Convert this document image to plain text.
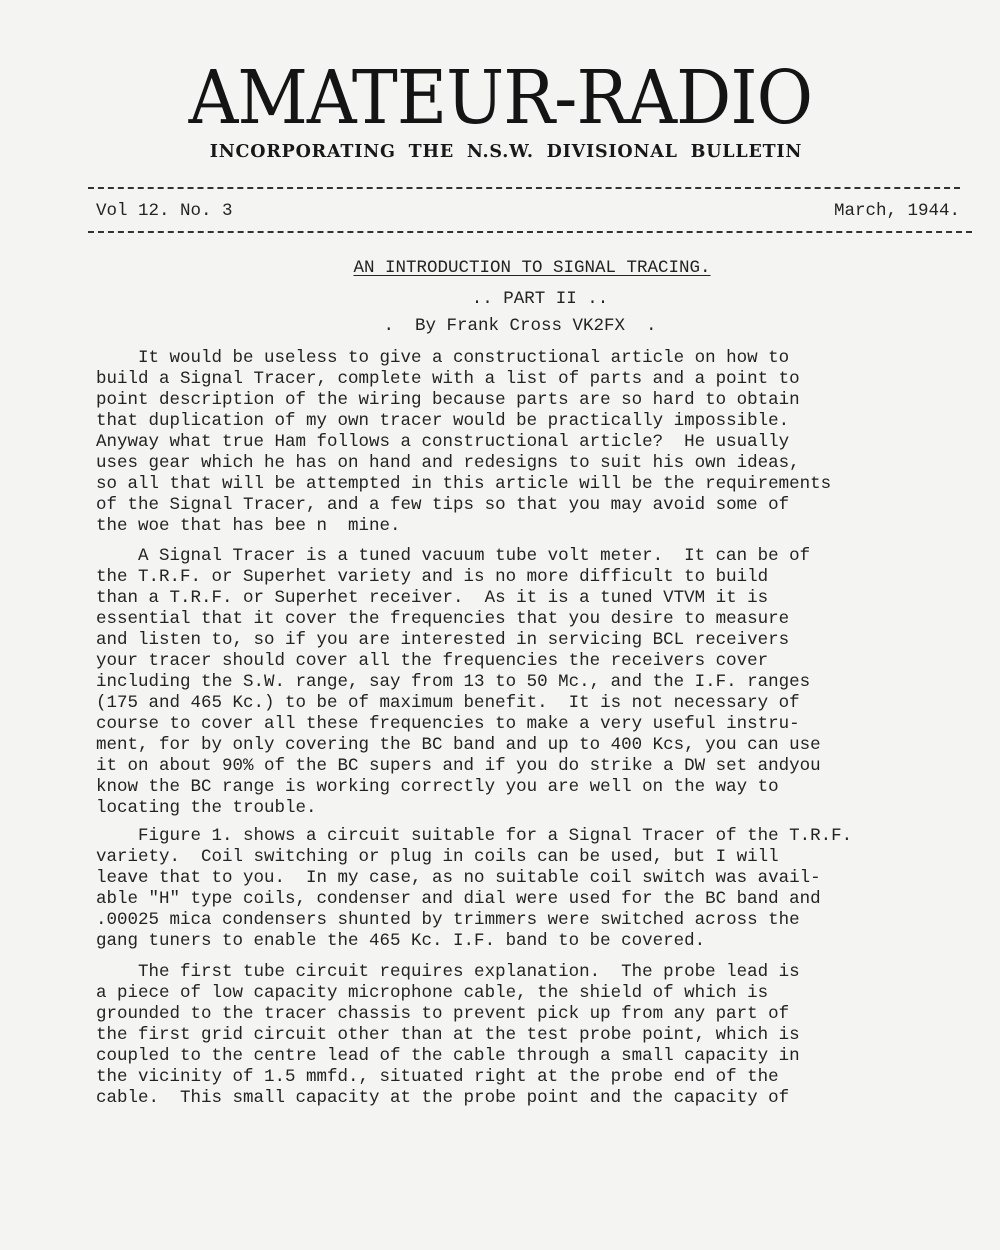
AMATEUR-RADIO
INCORPORATING THE N.S.W. DIVISIONAL BULLETIN
Vol 12. No. 3	March, 1944.
AN INTRODUCTION TO SIGNAL TRACING.
.. PART II ..
.  By Frank Cross VK2FX  .
It would be useless to give a constructional article on how to
build a Signal Tracer, complete with a list of parts and a point to
point description of the wiring because parts are so hard to obtain
that duplication of my own tracer would be practically impossible.
Anyway what true Ham follows a constructional article?  He usually
uses gear which he has on hand and redesigns to suit his own ideas,
so all that will be attempted in this article will be the requirements
of the Signal Tracer, and a few tips so that you may avoid some of
the woe that has bee n  mine.
A Signal Tracer is a tuned vacuum tube volt meter.  It can be of
the T.R.F. or Superhet variety and is no more difficult to build
than a T.R.F. or Superhet receiver.  As it is a tuned VTVM it is
essential that it cover the frequencies that you desire to measure
and listen to, so if you are interested in servicing BCL receivers
your tracer should cover all the frequencies the receivers cover
including the S.W. range, say from 13 to 50 Mc., and the I.F. ranges
(175 and 465 Kc.) to be of maximum benefit.  It is not necessary of
course to cover all these frequencies to make a very useful instru-
ment, for by only covering the BC band and up to 400 Kcs, you can use
it on about 90% of the BC supers and if you do strike a DW set andyou
know the BC range is working correctly you are well on the way to
locating the trouble.
Figure 1. shows a circuit suitable for a Signal Tracer of the T.R.F.
variety.  Coil switching or plug in coils can be used, but I will
leave that to you.  In my case, as no suitable coil switch was avail-
able "H" type coils, condenser and dial were used for the BC band and
.00025 mica condensers shunted by trimmers were switched across the
gang tuners to enable the 465 Kc. I.F. band to be covered.
The first tube circuit requires explanation.  The probe lead is
a piece of low capacity microphone cable, the shield of which is
grounded to the tracer chassis to prevent pick up from any part of
the first grid circuit other than at the test probe point, which is
coupled to the centre lead of the cable through a small capacity in
the vicinity of 1.5 mmfd., situated right at the probe end of the
cable.  This small capacity at the probe point and the capacity of
